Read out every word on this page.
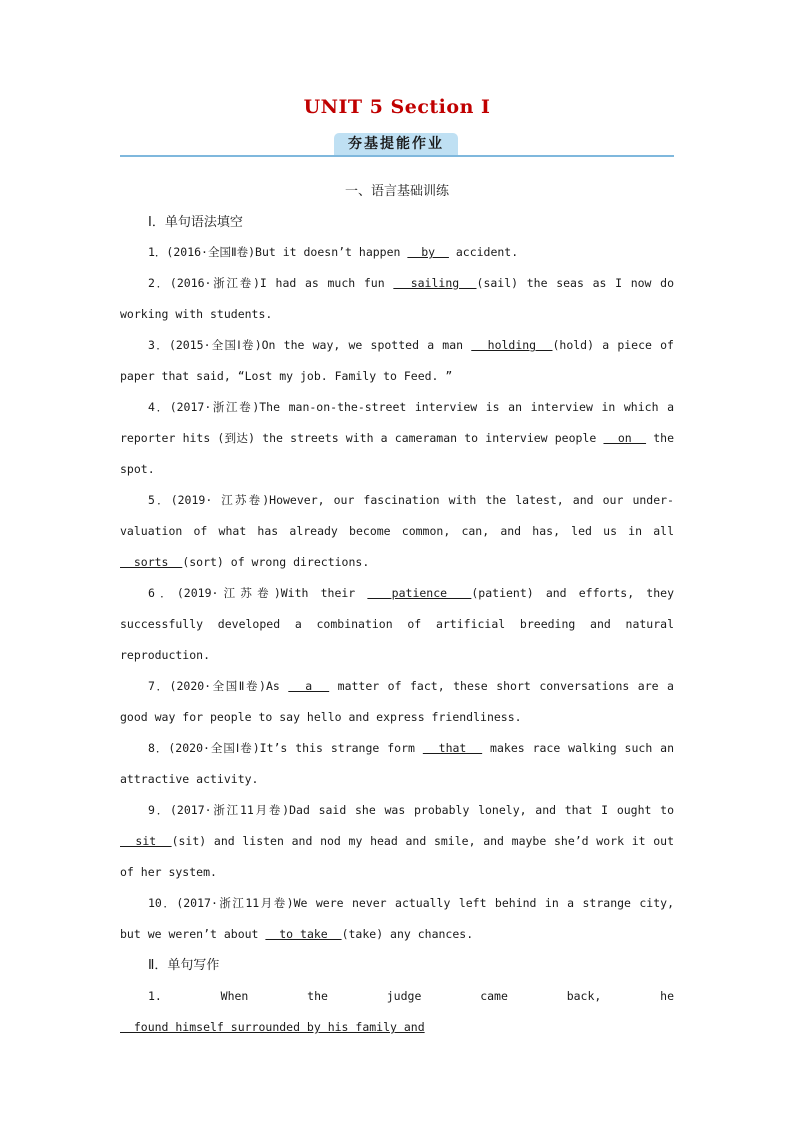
UNIT 5 Section Ⅰ
夯基提能作业
一、语言基础训练
Ⅰ．单句语法填空

1．(2016·全国Ⅱ卷)But it doesn’t happen   by   accident.

2．(2016·浙江卷)I had as much fun   sailing  (sail) the seas as I now do working with students.

3．(2015·全国Ⅰ卷)On the way, we spotted a man   holding  (hold) a piece of paper that said, “Lost my job. Family to Feed. ”

4．(2017·浙江卷)The man-on-the-street interview is an interview in which a reporter hits (到达) the streets with a cameraman to interview people   on   the spot.

5．(2019· 江苏卷)However, our fascination with the latest, and our under-valuation of what has already become common, can, and has, led us in all   sorts  (sort) of wrong directions.

6．(2019·江苏卷)With their   patience  (patient) and efforts, they successfully developed a combination of artificial breeding and natural reproduction.

7．(2020·全国Ⅱ卷)As   a   matter of fact, these short conversations are a good way for people to say hello and express friendliness.

8．(2020·全国Ⅰ卷)It’s this strange form   that   makes race walking such an attractive activity.

9．(2017·浙江11月卷)Dad said she was probably lonely, and that I ought to   sit  (sit) and listen and nod my head and smile, and maybe she’d work it out of her system.

10．(2017·浙江11月卷)We were never actually left behind in a strange city, but we weren’t about   to take  (take) any chances.

Ⅱ．单句写作

1. When the judge came back, he   found himself surrounded by his family and
